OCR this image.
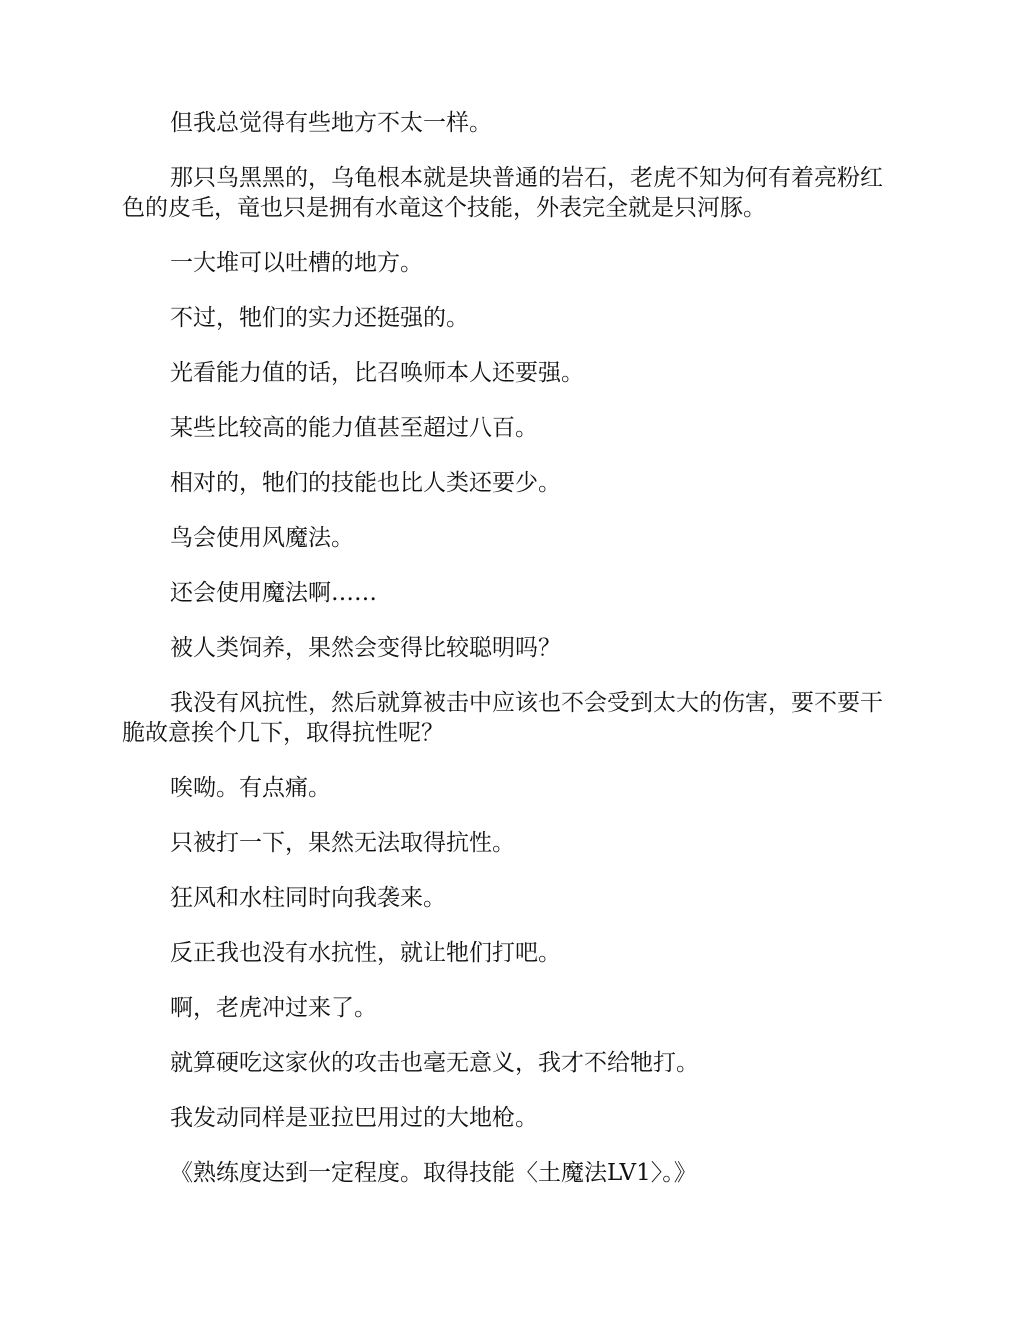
但我总觉得有些地方不太一样。

那只鸟黑黑的，乌龟根本就是块普通的岩石，老虎不知为何有着亮粉红色的皮毛，竜也只是拥有水竜这个技能，外表完全就是只河豚。

一大堆可以吐槽的地方。

不过，牠们的实力还挺强的。

光看能力值的话，比召唤师本人还要强。

某些比较高的能力值甚至超过八百。

相对的，牠们的技能也比人类还要少。

鸟会使用风魔法。

还会使用魔法啊……

被人类饲养，果然会变得比较聪明吗？

我没有风抗性，然后就算被击中应该也不会受到太大的伤害，要不要干脆故意挨个几下，取得抗性呢？

唉呦。有点痛。

只被打一下，果然无法取得抗性。

狂风和水柱同时向我袭来。

反正我也没有水抗性，就让牠们打吧。

啊，老虎冲过来了。

就算硬吃这家伙的攻击也毫无意义，我才不给牠打。

我发动同样是亚拉巴用过的大地枪。

《熟练度达到一定程度。取得技能〈土魔法LV1〉。》
